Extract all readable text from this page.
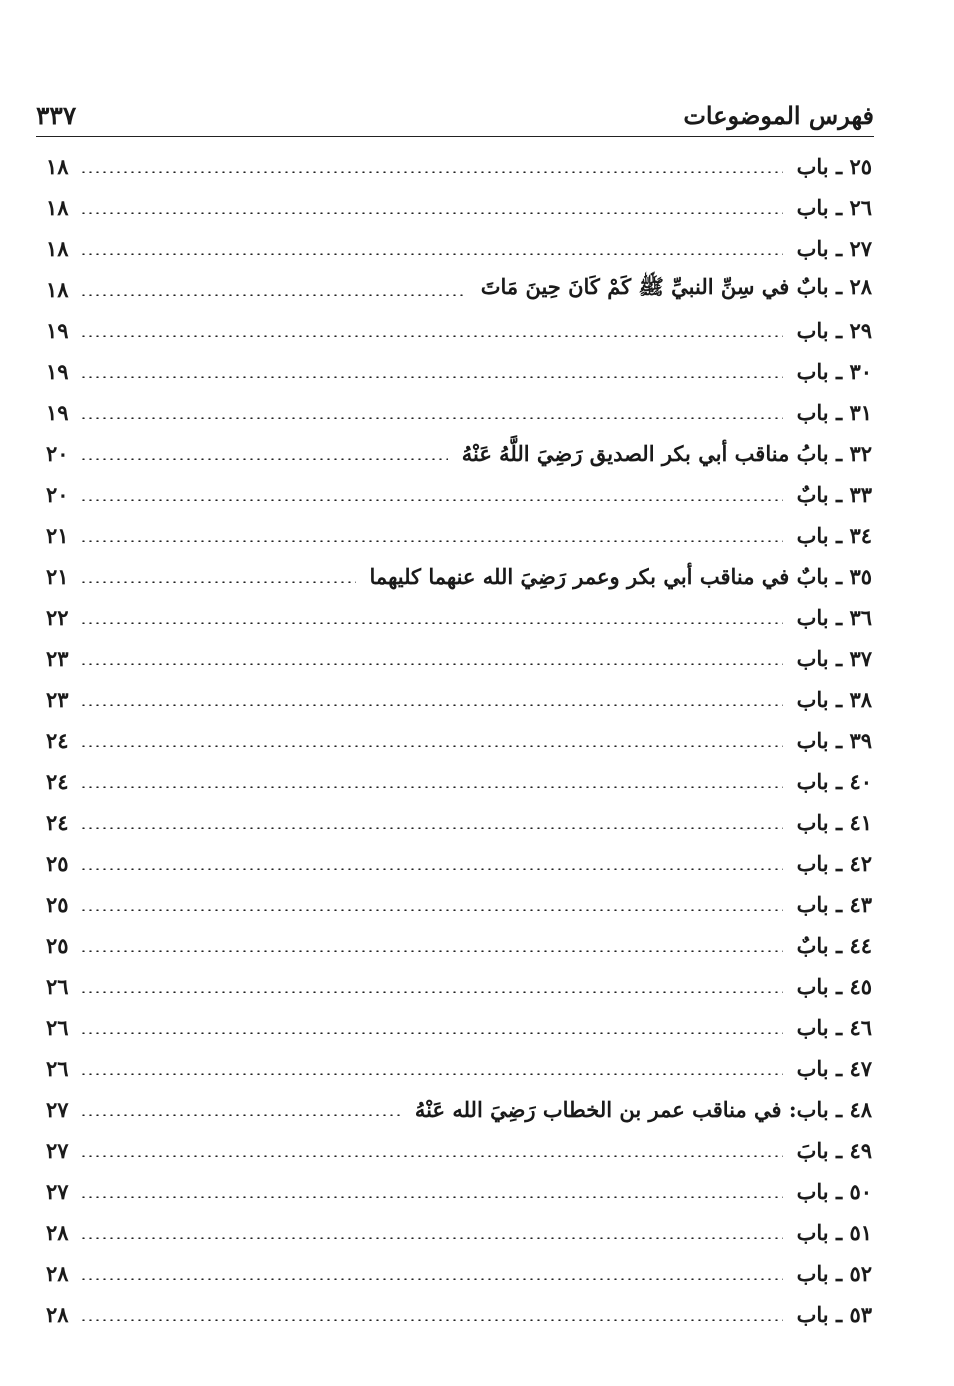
٣٣٧	فهرس الموضوعات
٢٥ ـ باب
١٨
٢٦ ـ باب
١٨
٢٧ ـ باب
١٨
٢٨ ـ بابٌ في سِنِّ النبيِّ ﷺ كَمْ كَانَ حِينَ مَاتَ
١٨
٢٩ ـ باب
١٩
٣٠ ـ باب
١٩
٣١ ـ باب
١٩
٣٢ ـ بابُ مناقب أبي بكر الصديق رَضِيَ اللَّهُ عَنْهُ
٢٠
٣٣ ـ بابٌ
٢٠
٣٤ ـ باب
٢١
٣٥ ـ بابٌ في مناقب أبي بكر وعمر رَضِيَ الله عنهما كليهما
٢١
٣٦ ـ باب
٢٢
٣٧ ـ باب
٢٣
٣٨ ـ باب
٢٣
٣٩ ـ باب
٢٤
٤٠ ـ باب
٢٤
٤١ ـ باب
٢٤
٤٢ ـ باب
٢٥
٤٣ ـ باب
٢٥
٤٤ ـ بابٌ
٢٥
٤٥ ـ باب
٢٦
٤٦ ـ باب
٢٦
٤٧ ـ باب
٢٦
٤٨ ـ باب: في مناقب عمر بن الخطاب رَضِيَ الله عَنْهُ
٢٧
٤٩ ـ بابَ
٢٧
٥٠ ـ باب
٢٧
٥١ ـ باب
٢٨
٥٢ ـ باب
٢٨
٥٣ ـ باب
٢٨
